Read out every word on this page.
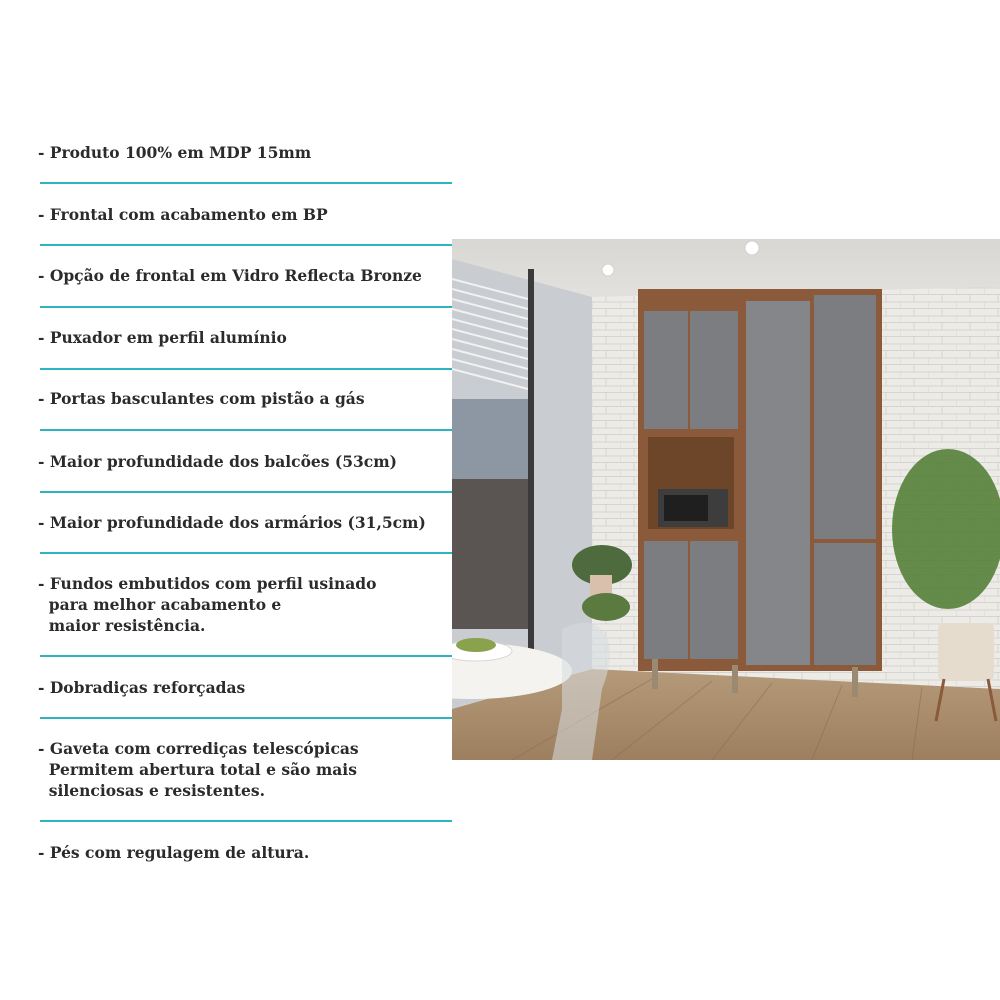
- Produto 100% em MDP 15mm
- Frontal com acabamento em BP
- Opção de frontal em Vidro Reflecta Bronze
- Puxador em perfil alumínio
- Portas basculantes com pistão a gás
- Maior profundidade dos balcões (53cm)
- Maior profundidade dos armários (31,5cm)
- Fundos embutidos com perfil usinado
para melhor acabamento e
maior resistência.
- Dobradiças reforçadas
- Gaveta com corrediças telescópicas
Permitem abertura total e são mais
silenciosas e resistentes.
- Pés com regulagem de altura.
